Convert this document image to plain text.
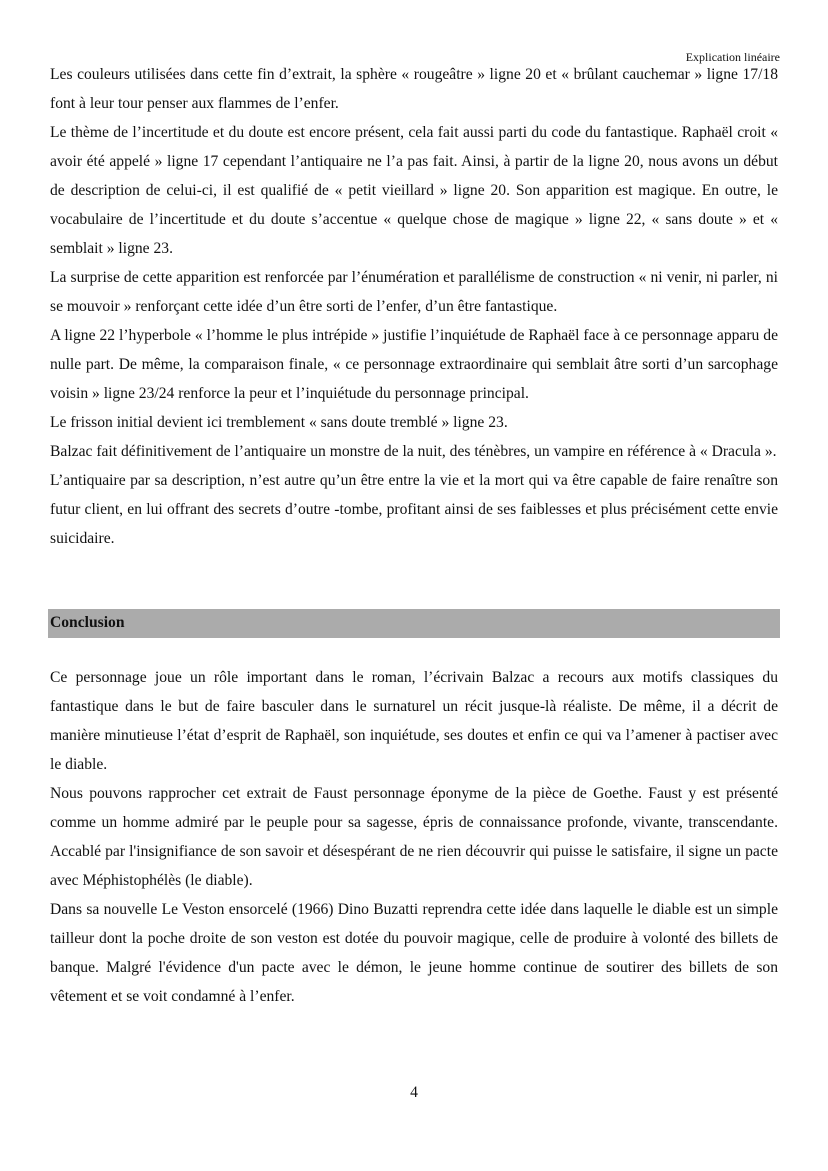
Explication linéaire

Les couleurs utilisées dans cette fin d’extrait, la sphère « rougeâtre » ligne 20 et « brûlant cauchemar » ligne 17/18 font à leur tour penser aux flammes de l’enfer.

Le thème de l’incertitude et du doute est encore présent, cela fait aussi parti du code du fantastique. Raphaël croit « avoir été appelé » ligne 17 cependant l’antiquaire ne l’a pas fait. Ainsi, à partir de la ligne 20, nous avons un début de description de celui-ci, il est qualifié de « petit vieillard » ligne 20. Son apparition est magique. En outre, le vocabulaire de l’incertitude et du doute s’accentue « quelque chose de magique » ligne 22, « sans doute » et « semblait » ligne 23.

La surprise de cette apparition est renforcée par l’énumération et parallélisme de construction « ni venir, ni parler, ni se mouvoir » renforçant cette idée d’un être sorti de l’enfer, d’un être fantastique.

A ligne 22 l’hyperbole « l’homme le plus intrépide » justifie l’inquiétude de Raphaël face à ce personnage apparu de nulle part. De même, la comparaison finale, « ce personnage extraordinaire qui semblait âtre sorti d’un sarcophage voisin » ligne 23/24 renforce la peur et l’inquiétude du personnage principal.

Le frisson initial devient ici tremblement « sans doute tremblé » ligne 23.

Balzac fait définitivement de l’antiquaire un monstre de la nuit, des ténèbres, un vampire en référence à « Dracula ».

L’antiquaire par sa description, n’est autre qu’un être entre la vie et la mort qui va être capable de faire renaître son futur client, en lui offrant des secrets d’outre -tombe, profitant ainsi de ses faiblesses et plus précisément cette envie suicidaire.

Conclusion

Ce personnage joue un rôle important dans le roman, l’écrivain Balzac a recours aux motifs classiques du fantastique dans le but de faire basculer dans le surnaturel un récit jusque-là réaliste. De même, il a décrit de manière minutieuse l’état d’esprit de Raphaël, son inquiétude, ses doutes et enfin ce qui va l’amener à pactiser avec le diable.

Nous pouvons rapprocher cet extrait de Faust personnage éponyme de la pièce de Goethe. Faust y est présenté comme un homme admiré par le peuple pour sa sagesse, épris de connaissance profonde, vivante, transcendante. Accablé par l'insignifiance de son savoir et désespérant de ne rien découvrir qui puisse le satisfaire, il signe un pacte avec Méphistophélès (le diable).

Dans sa nouvelle Le Veston ensorcelé (1966) Dino Buzatti reprendra cette idée dans laquelle le diable est un simple tailleur dont la poche droite de son veston est dotée du pouvoir magique, celle de produire à volonté des billets de banque. Malgré l'évidence d'un pacte avec le démon, le jeune homme continue de soutirer des billets de son vêtement et se voit condamné à l’enfer.

4
